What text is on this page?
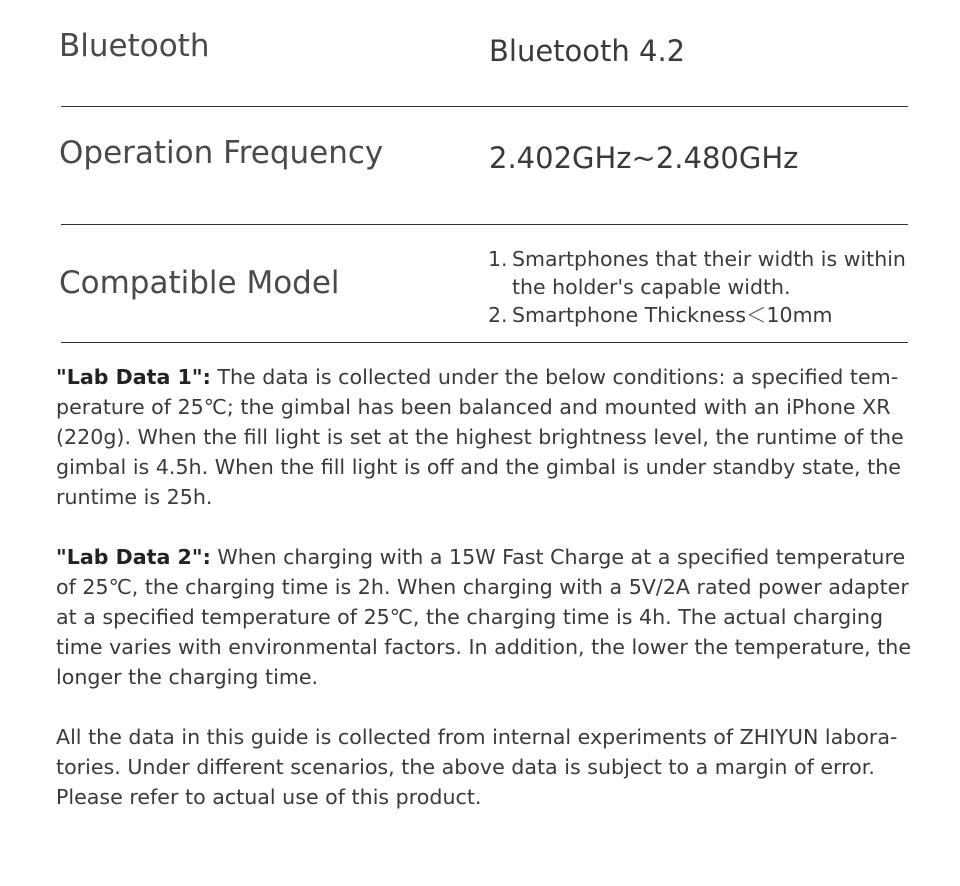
Bluetooth	Bluetooth 4.2
Operation Frequency	2.402GHz~2.480GHz
Compatible Model
1. Smartphones that their width is within
the holder's capable width.
2. Smartphone Thickness＜10mm

"Lab Data 1": The data is collected under the below conditions: a specified tem-perature of 25℃; the gimbal has been balanced and mounted with an iPhone XR (220g). When the fill light is set at the highest brightness level, the runtime of the gimbal is 4.5h. When the fill light is off and the gimbal is under standby state, the runtime is 25h.

"Lab Data 2": When charging with a 15W Fast Charge at a specified temperature of 25℃, the charging time is 2h. When charging with a 5V/2A rated power adapter at a specified temperature of 25℃, the charging time is 4h. The actual charging time varies with environmental factors. In addition, the lower the temperature, the longer the charging time.

All the data in this guide is collected from internal experiments of ZHIYUN labora-tories. Under different scenarios, the above data is subject to a margin of error. Please refer to actual use of this product.
